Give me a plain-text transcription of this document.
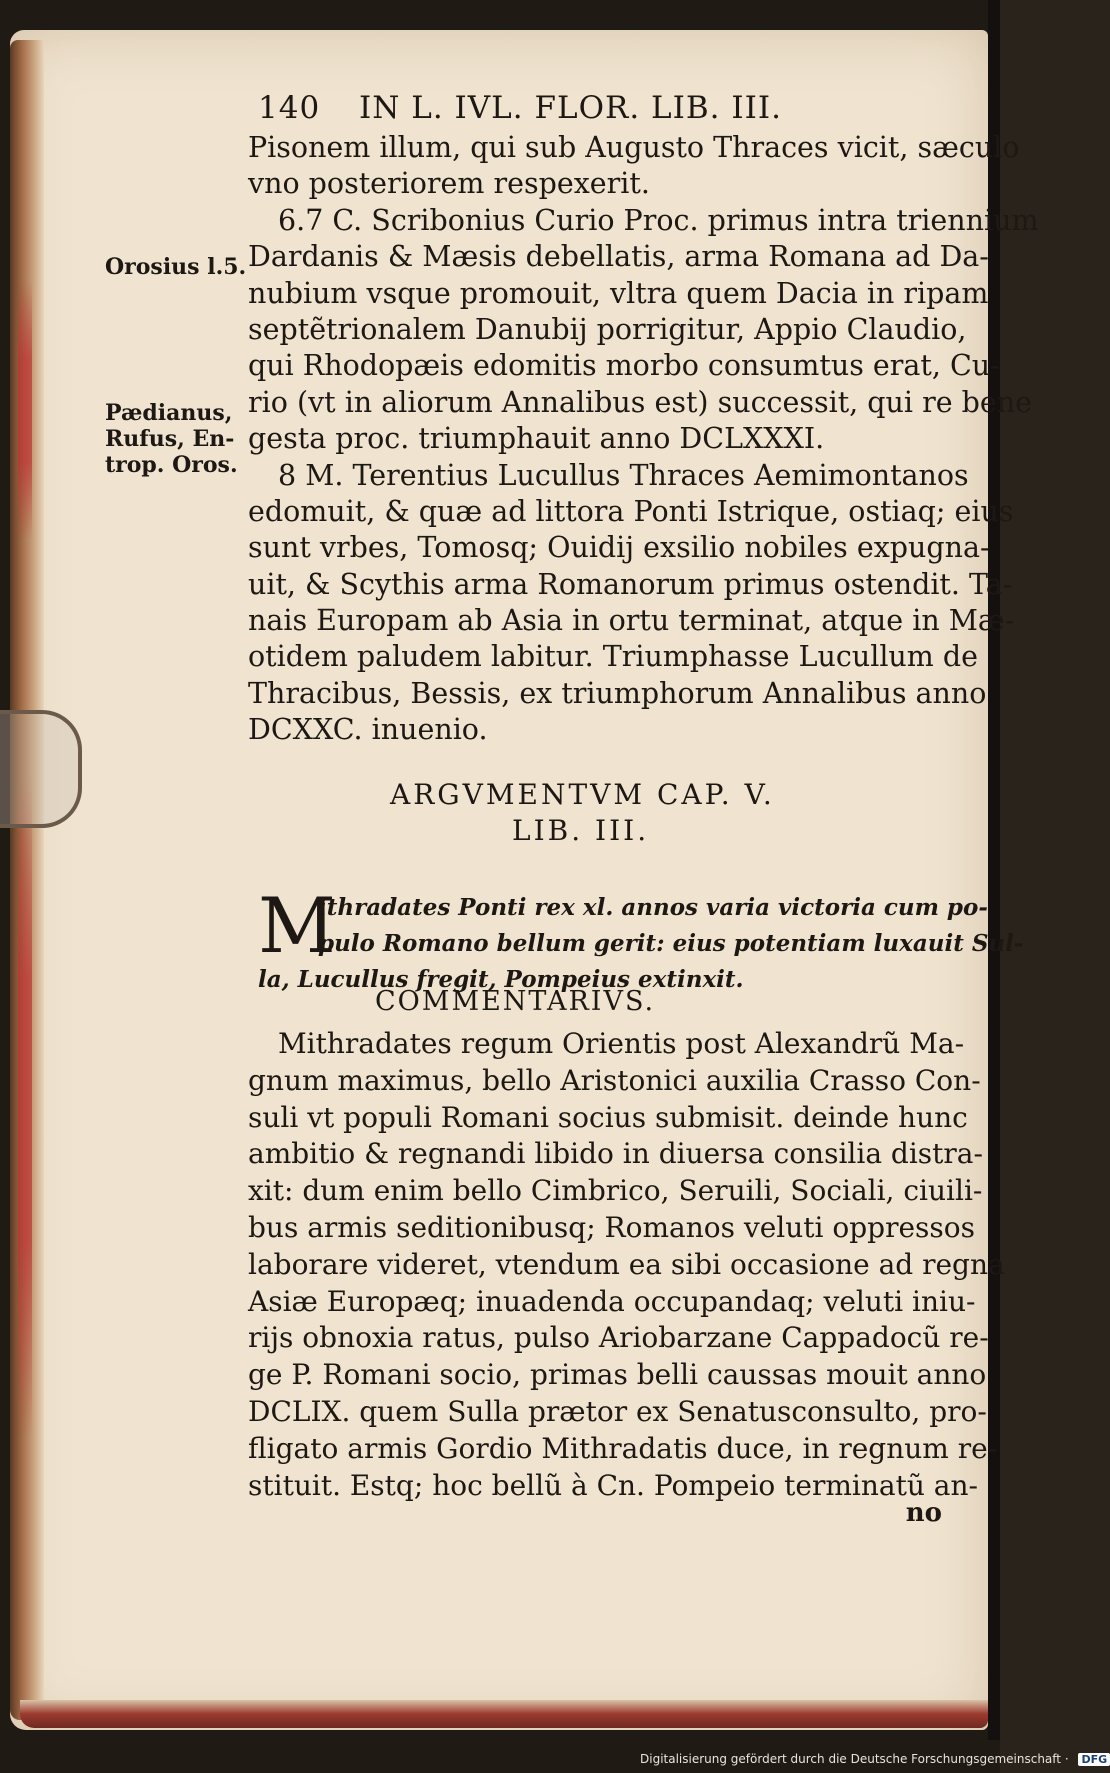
140 IN L. IVL. FLOR. LIB. III.
Orosius l.5.
Pædianus,
Rufus, En-
trop. Oros.
Pisonem illum, qui sub Augusto Thraces vicit, sæculo
vno posteriorem respexerit.
6.7 C. Scribonius Curio Proc. primus intra triennium
Dardanis & Mæsis debellatis, arma Romana ad Da-
nubium vsque promouit, vltra quem Dacia in ripam
septẽtrionalem Danubij porrigitur, Appio Claudio,
qui Rhodopæis edomitis morbo consumtus erat, Cu-
rio (vt in aliorum Annalibus est) successit, qui re bene
gesta proc. triumphauit anno DCLXXXI.
8 M. Terentius Lucullus Thraces Aemimontanos
edomuit, & quæ ad littora Ponti Istrique, ostiaq; eius
sunt vrbes, Tomosq; Ouidij exsilio nobiles expugna-
uit, & Scythis arma Romanorum primus ostendit. Ta-
nais Europam ab Asia in ortu terminat, atque in Mæ-
otidem paludem labitur. Triumphasse Lucullum de
Thracibus, Bessis, ex triumphorum Annalibus anno
DCXXC. inuenio.
ARGVMENTVM CAP. V.
LIB. III.
M
ithradates Ponti rex xl. annos varia victoria cum po-
pulo Romano bellum gerit: eius potentiam luxauit Sul-
la, Lucullus fregit, Pompeius extinxit.
COMMENTARIVS.
Mithradates regum Orientis post Alexandrũ Ma-
gnum maximus, bello Aristonici auxilia Crasso Con-
suli vt populi Romani socius submisit. deinde hunc
ambitio & regnandi libido in diuersa consilia distra-
xit: dum enim bello Cimbrico, Seruili, Sociali, ciuili-
bus armis seditionibusq; Romanos veluti oppressos
laborare videret, vtendum ea sibi occasione ad regna
Asiæ Europæq; inuadenda occupandaq; veluti iniu-
rijs obnoxia ratus, pulso Ariobarzane Cappadocũ re-
ge P. Romani socio, primas belli caussas mouit anno
DCLIX. quem Sulla prætor ex Senatusconsulto, pro-
fligato armis Gordio Mithradatis duce, in regnum re-
stituit. Estq; hoc bellũ à Cn. Pompeio terminatũ an-
no
Digitalisierung gefördert durch die Deutsche Forschungsgemeinschaft · DFG
